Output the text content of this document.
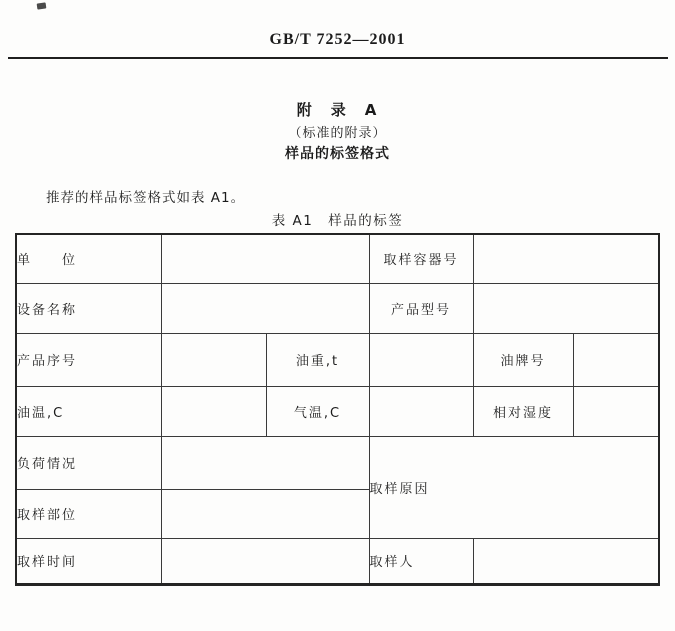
GB/T 7252—2001
附　录　A
（标准的附录）
样品的标签格式
推荐的样品标签格式如表 A1。
表 A1　样品的标签
单　　位			取样容器号		
设备名称			产品型号		
产品序号		油重,t		油牌号	
油温,C		气温,C		相对湿度	
负荷情况			取样原因		
取样部位					
取样时间			取样人		
